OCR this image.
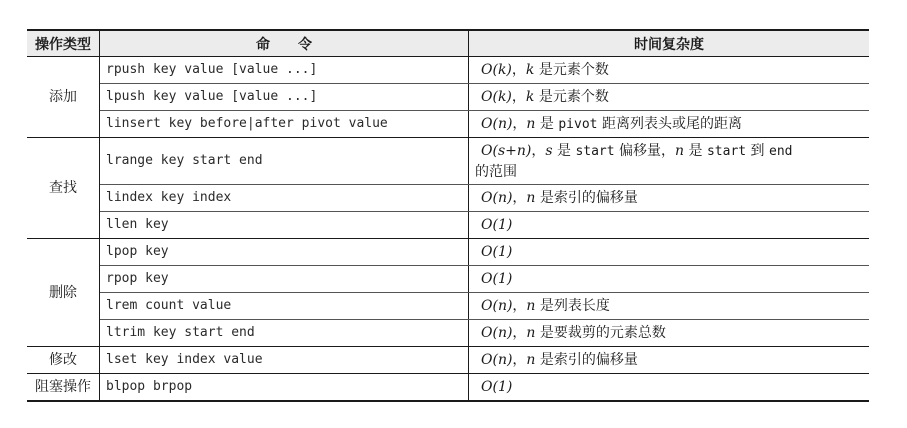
操作类型	命　　令	时间复杂度
添加	rpush key value [value ...]	O(k)，k 是元素个数
	lpush key value [value ...]	O(k)，k 是元素个数
	linsert key before|after pivot value	O(n)，n 是 pivot 距离列表头或尾的距离
查找	lrange key start end	O(s+n)，s 是 start 偏移量，n 是 start 到 end
的范围
	lindex key index	O(n)，n 是索引的偏移量
	llen key	O(1)
删除	lpop key	O(1)
	rpop key	O(1)
	lrem count value	O(n)，n 是列表长度
	ltrim key start end	O(n)，n 是要裁剪的元素总数
修改	lset key index value	O(n)，n 是索引的偏移量
阻塞操作	blpop brpop	O(1)
